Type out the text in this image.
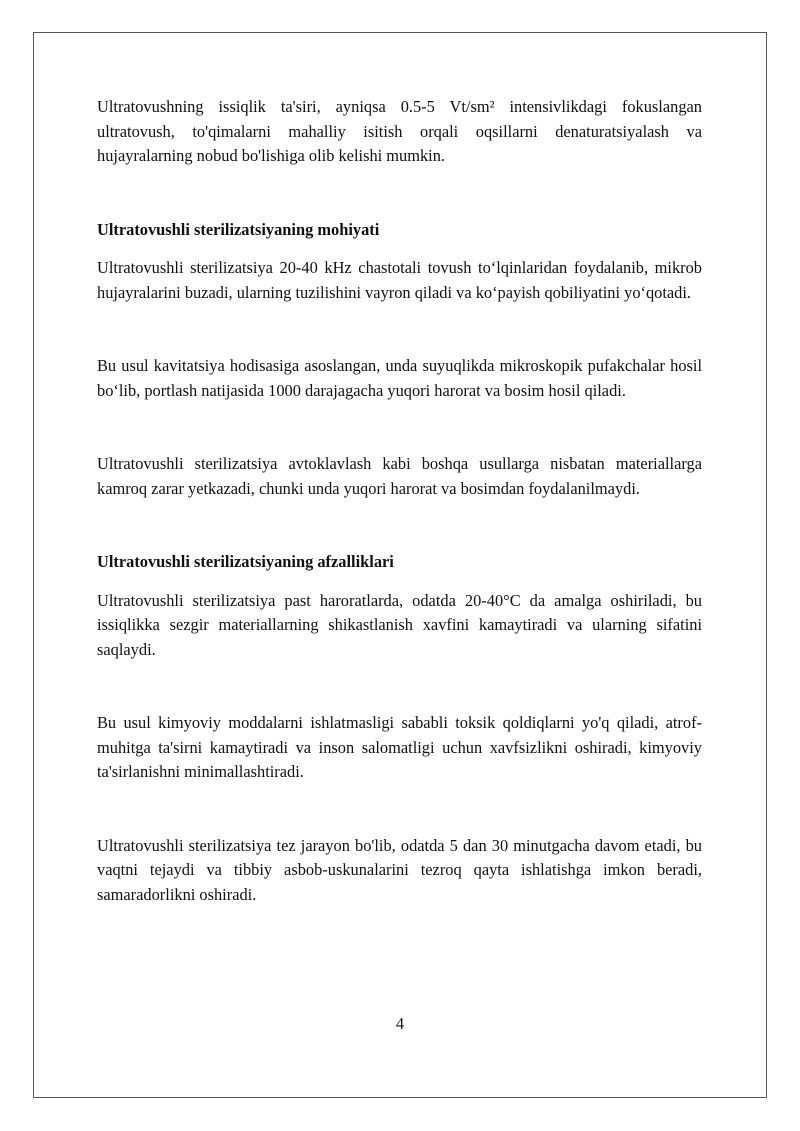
Ultratovushning issiqlik ta'siri, ayniqsa 0.5-5 Vt/sm² intensivlikdagi fokuslangan ultratovush, to'qimalarni mahalliy isitish orqali oqsillarni denaturatsiyalash va hujayralarning nobud bo'lishiga olib kelishi mumkin.

Ultratovushli sterilizatsiyaning mohiyati

Ultratovushli sterilizatsiya 20-40 kHz chastotali tovush to‘lqinlaridan foydalanib, mikrob hujayralarini buzadi, ularning tuzilishini vayron qiladi va ko‘payish qobiliyatini yo‘qotadi.

Bu usul kavitatsiya hodisasiga asoslangan, unda suyuqlikda mikroskopik pufakchalar hosil bo‘lib, portlash natijasida 1000 darajagacha yuqori harorat va bosim hosil qiladi.

Ultratovushli sterilizatsiya avtoklavlash kabi boshqa usullarga nisbatan materiallarga kamroq zarar yetkazadi, chunki unda yuqori harorat va bosimdan foydalanilmaydi.

Ultratovushli sterilizatsiyaning afzalliklari

Ultratovushli sterilizatsiya past haroratlarda, odatda 20-40°C da amalga oshiriladi, bu issiqlikka sezgir materiallarning shikastlanish xavfini kamaytiradi va ularning sifatini saqlaydi.

Bu usul kimyoviy moddalarni ishlatmasligi sababli toksik qoldiqlarni yo'q qiladi, atrof-muhitga ta'sirni kamaytiradi va inson salomatligi uchun xavfsizlikni oshiradi, kimyoviy ta'sirlanishni minimallashtiradi.

Ultratovushli sterilizatsiya tez jarayon bo'lib, odatda 5 dan 30 minutgacha davom etadi, bu vaqtni tejaydi va tibbiy asbob-uskunalarini tezroq qayta ishlatishga imkon beradi, samaradorlikni oshiradi.

4
